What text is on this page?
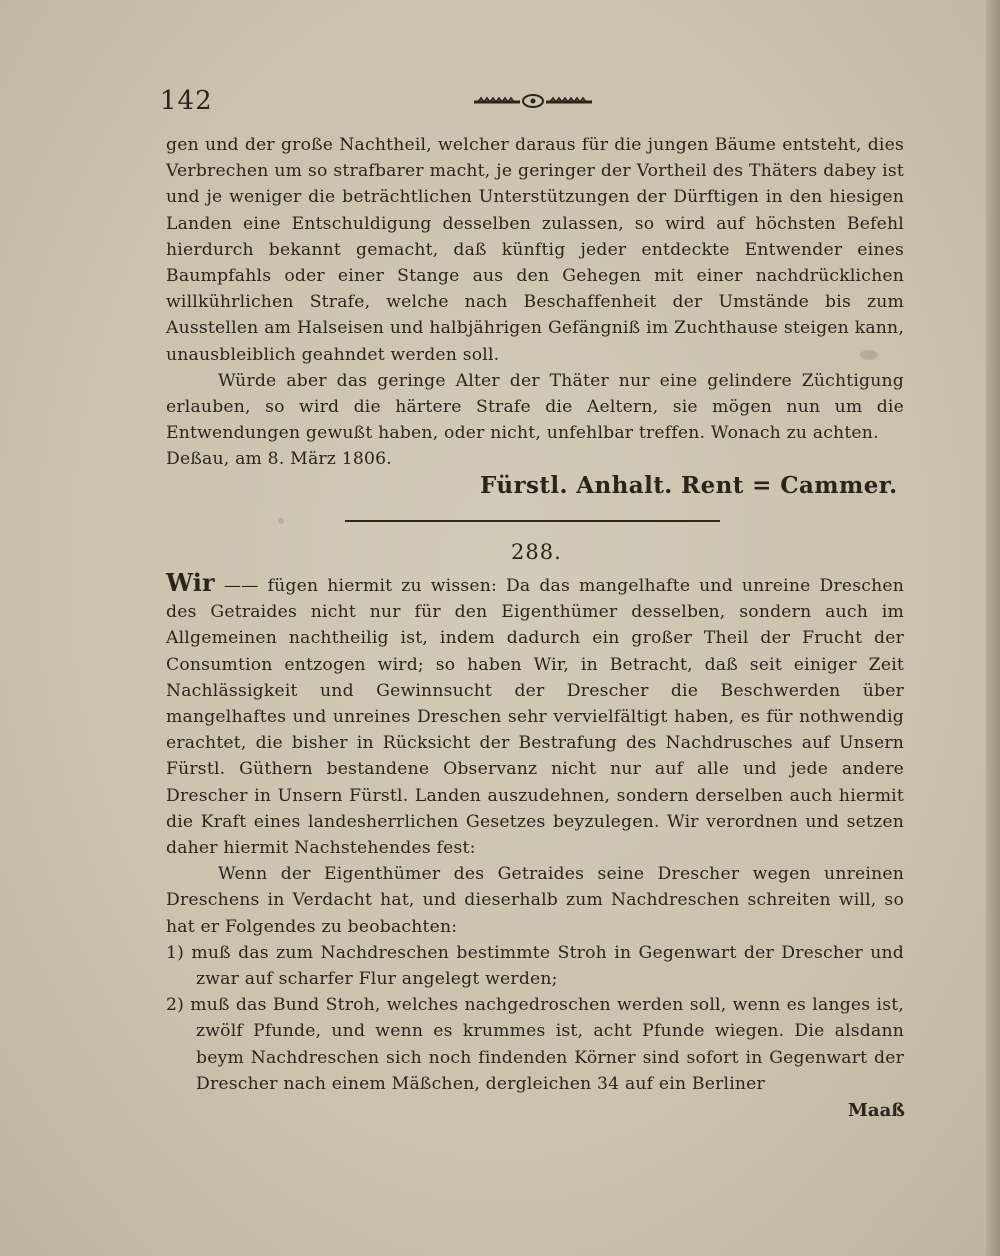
142

gen und der große Nachtheil, welcher daraus für die jungen Bäume entsteht, dies Verbrechen um so strafbarer macht, je geringer der Vortheil des Thäters dabey ist und je weniger die beträchtlichen Unterstützungen der Dürftigen in den hiesigen Landen eine Entschuldigung desselben zulassen, so wird auf höchsten Befehl hierdurch bekannt gemacht, daß künftig jeder entdeckte Entwender eines Baumpfahls oder einer Stange aus den Gehegen mit einer nachdrücklichen willkührlichen Strafe, welche nach Beschaffenheit der Umstände bis zum Ausstellen am Halseisen und halbjährigen Gefängniß im Zuchthause steigen kann, unausbleiblich geahndet werden soll.

Würde aber das geringe Alter der Thäter nur eine gelindere Züchtigung erlauben, so wird die härtere Strafe die Aeltern, sie mögen nun um die Entwendungen gewußt haben, oder nicht, unfehlbar treffen. Wonach zu achten.
Deßau, am 8. März 1806.

Fürstl. Anhalt. Rent = Cammer.
288.

Wir —— fügen hiermit zu wissen: Da das mangelhafte und unreine Dreschen des Getraides nicht nur für den Eigenthümer desselben, sondern auch im Allgemeinen nachtheilig ist, indem dadurch ein großer Theil der Frucht der Consumtion entzogen wird; so haben Wir, in Betracht, daß seit einiger Zeit Nachlässigkeit und Gewinnsucht der Drescher die Beschwerden über mangelhaftes und unreines Dreschen sehr vervielfältigt haben, es für nothwendig erachtet, die bisher in Rücksicht der Bestrafung des Nachdrusches auf Unsern Fürstl. Güthern bestandene Observanz nicht nur auf alle und jede andere Drescher in Unsern Fürstl. Landen auszudehnen, sondern derselben auch hiermit die Kraft eines landesherrlichen Gesetzes beyzulegen. Wir verordnen und setzen daher hiermit Nachstehendes fest:

Wenn der Eigenthümer des Getraides seine Drescher wegen unreinen Dreschens in Verdacht hat, und dieserhalb zum Nachdreschen schreiten will, so hat er Folgendes zu beobachten:

1) muß das zum Nachdreschen bestimmte Stroh in Gegenwart der Drescher und zwar auf scharfer Flur angelegt werden;

2) muß das Bund Stroh, welches nachgedroschen werden soll, wenn es langes ist, zwölf Pfunde, und wenn es krummes ist, acht Pfunde wiegen. Die alsdann beym Nachdreschen sich noch findenden Körner sind sofort in Gegenwart der Drescher nach einem Mäßchen, dergleichen 34 auf ein Berliner

Maaß
